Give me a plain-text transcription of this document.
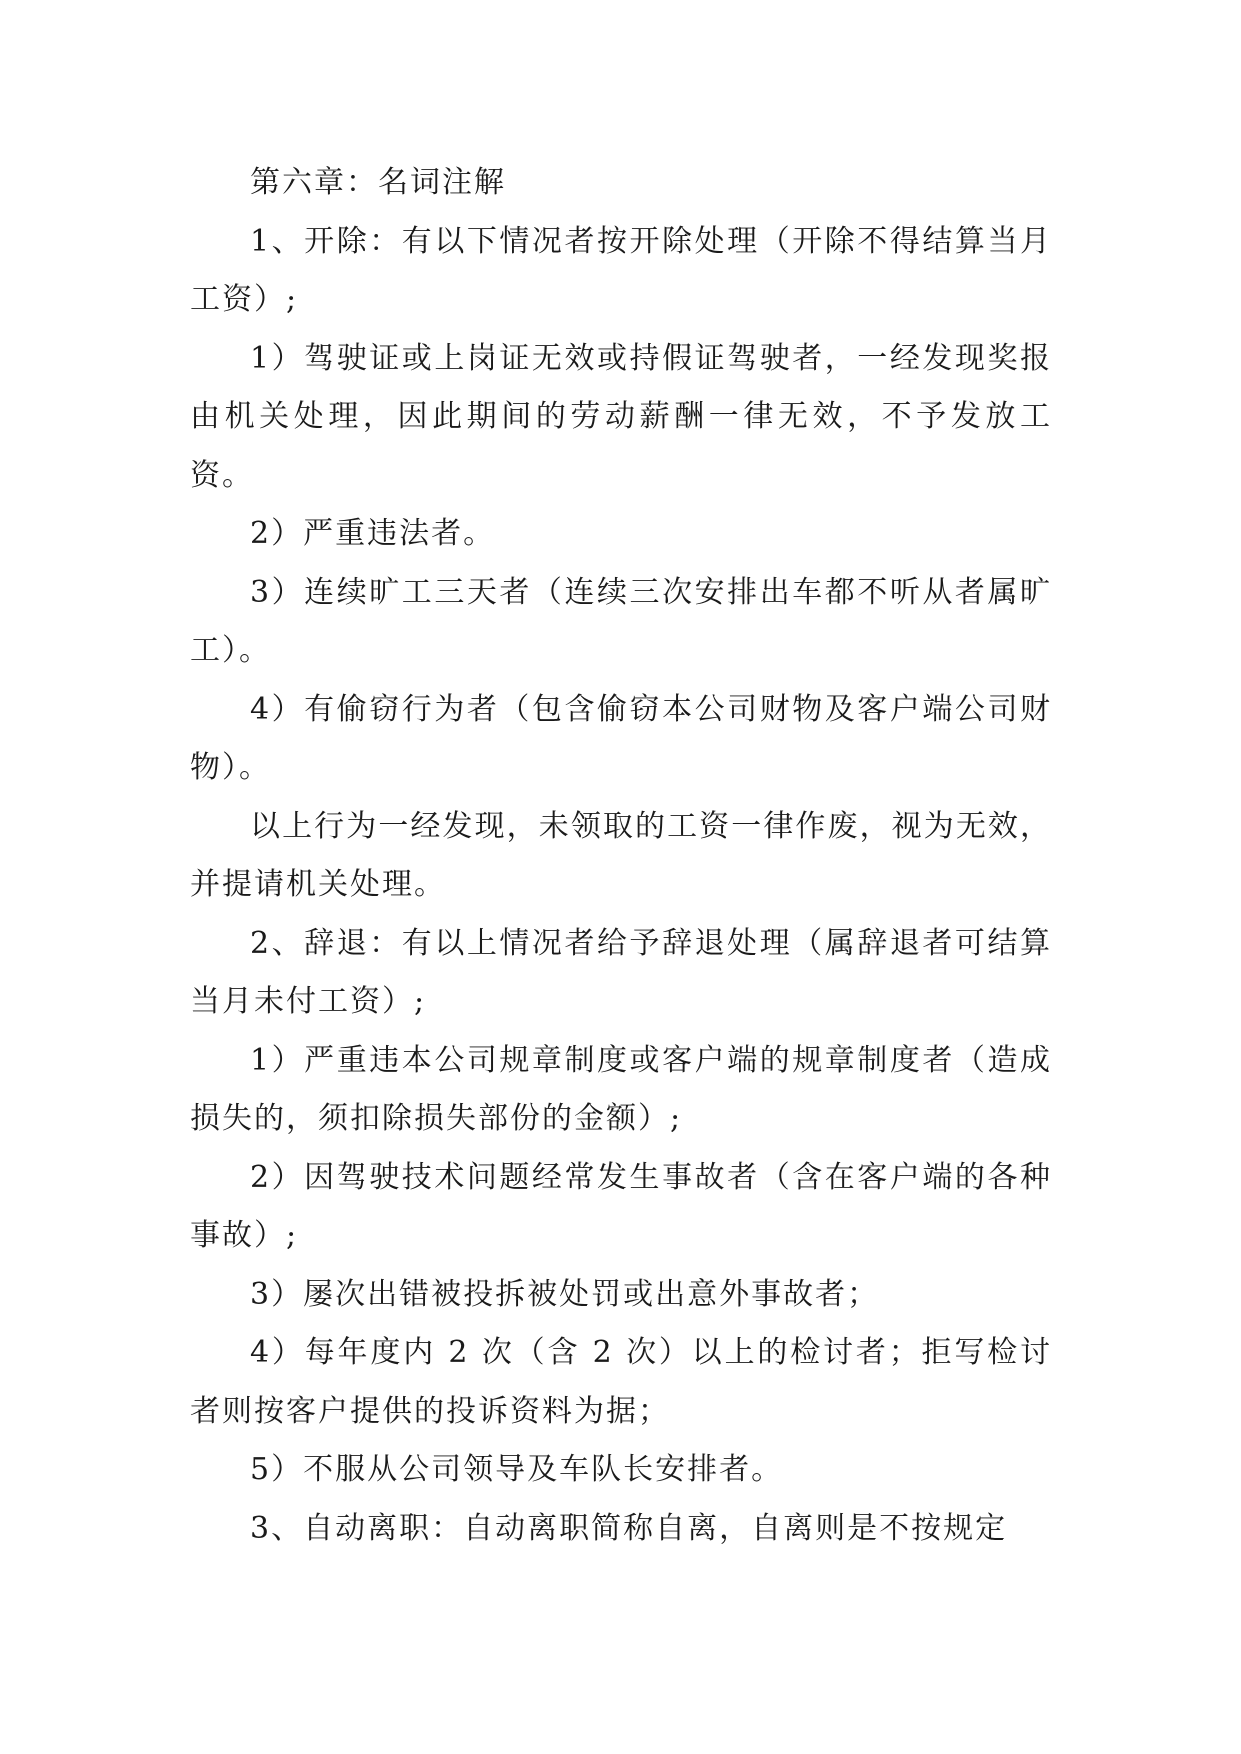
第六章：名词注解

1、开除：有以下情况者按开除处理（开除不得结算当月工资）;

1）驾驶证或上岗证无效或持假证驾驶者，一经发现奖报由机关处理，因此期间的劳动薪酬一律无效，不予发放工资。

2）严重违法者。

3）连续旷工三天者（连续三次安排出车都不听从者属旷工）。

4）有偷窃行为者（包含偷窃本公司财物及客户端公司财物）。

以上行为一经发现，未领取的工资一律作废，视为无效，并提请机关处理。

2、辞退：有以上情况者给予辞退处理（属辞退者可结算当月未付工资）;

1）严重违本公司规章制度或客户端的规章制度者（造成损失的，须扣除损失部份的金额）;

2）因驾驶技术问题经常发生事故者（含在客户端的各种事故）;

3）屡次出错被投拆被处罚或出意外事故者；

4）每年度内 2 次（含 2 次）以上的检讨者；拒写检讨者则按客户提供的投诉资料为据；

5）不服从公司领导及车队长安排者。

3、自动离职：自动离职简称自离，自离则是不按规定
